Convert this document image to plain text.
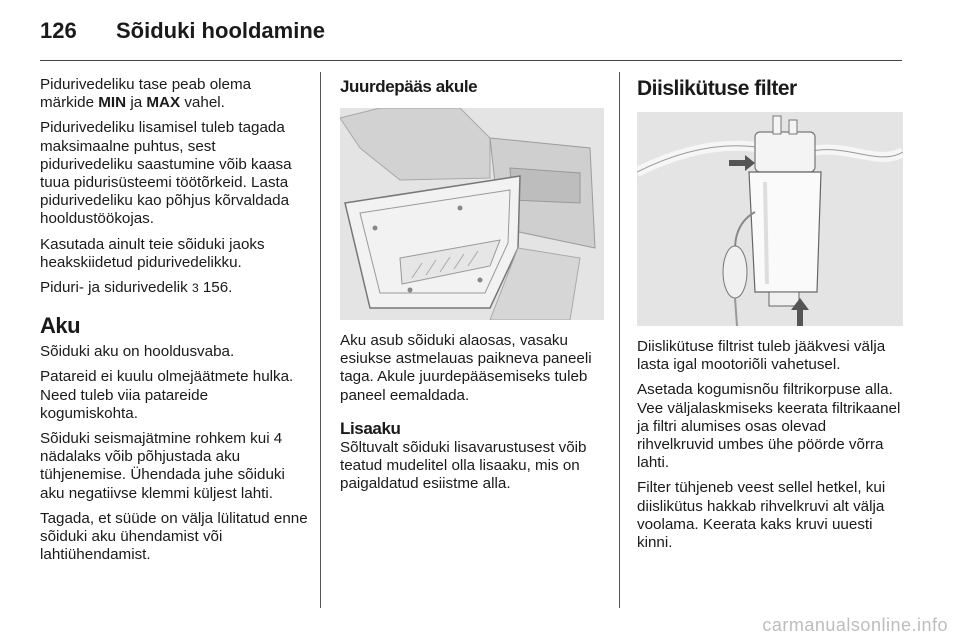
126 Sõiduki hooldamine

Pidurivedeliku tase peab olema märkide MIN ja MAX vahel.

Pidurivedeliku lisamisel tuleb tagada maksimaalne puhtus, sest pidurivedeliku saastumine võib kaasa tuua pidurisüsteemi töötõrkeid. Lasta pidurivedeliku kao põhjus kõrvaldada hooldustöökojas.

Kasutada ainult teie sõiduki jaoks heakskiidetud pidurivedelikku.

Piduri- ja sidurivedelik 3 156.

Aku

Sõiduki aku on hooldusvaba.

Patareid ei kuulu olmejäätmete hulka. Need tuleb viia patareide kogumiskohta.

Sõiduki seismajätmine rohkem kui 4 nädalaks võib põhjustada aku tühjenemise. Ühendada juhe sõiduki aku negatiivse klemmi küljest lahti.

Tagada, et süüde on välja lülitatud enne sõiduki aku ühendamist või lahtiühendamist.

Juurdepääs akule

Aku asub sõiduki alaosas, vasaku esiukse astmelauas paikneva paneeli taga. Akule juurdepääsemiseks tuleb paneel eemaldada.

Lisaaku

Sõltuvalt sõiduki lisavarustusest võib teatud mudelitel olla lisaaku, mis on paigaldatud esiistme alla.

Diislikütuse filter

Diislikütuse filtrist tuleb jääkvesi välja lasta igal mootoriõli vahetusel.

Asetada kogumisnõu filtrikorpuse alla. Vee väljalaskmiseks keerata filtrikaanel ja filtri alumises osas olevad rihvelkruvid umbes ühe pöörde võrra lahti.

Filter tühjeneb veest sellel hetkel, kui diislikütus hakkab rihvelkruvi alt välja voolama. Keerata kaks kruvi uuesti kinni.

carmanualsonline.info
